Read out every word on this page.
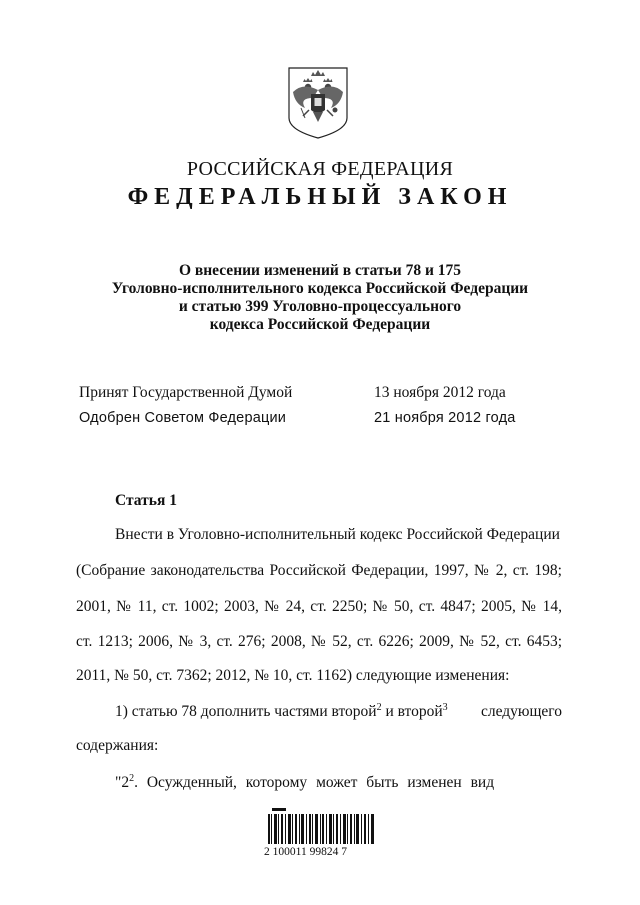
РОССИЙСКАЯ ФЕДЕРАЦИЯ
ФЕДЕРАЛЬНЫЙ ЗАКОН
О внесении изменений в статьи 78 и 175
Уголовно-исполнительного кодекса Российской Федерации
и статью 399 Уголовно-процессуального
кодекса Российской Федерации
Принят Государственной Думой	13 ноября 2012 года
Одобрен Советом Федерации	21 ноября 2012 года
Статья 1
Внести в Уголовно-исполнительный кодекс Российской Федерации
(Собрание законодательства Российской Федерации, 1997, № 2, ст. 198;
2001, № 11, ст. 1002; 2003, № 24, ст. 2250; № 50, ст. 4847; 2005, № 14,
ст. 1213; 2006, № 3, ст. 276; 2008, № 52, ст. 6226; 2009, № 52, ст. 6453;
2011, № 50, ст. 7362; 2012, № 10, ст. 1162) следующие изменения:
1) статью 78 дополнить частями второй$^2$ и второй$^3$ следующего
содержания:
"$2^2$. Осужденный, которому может быть изменен вид
2 100011 99824 7
